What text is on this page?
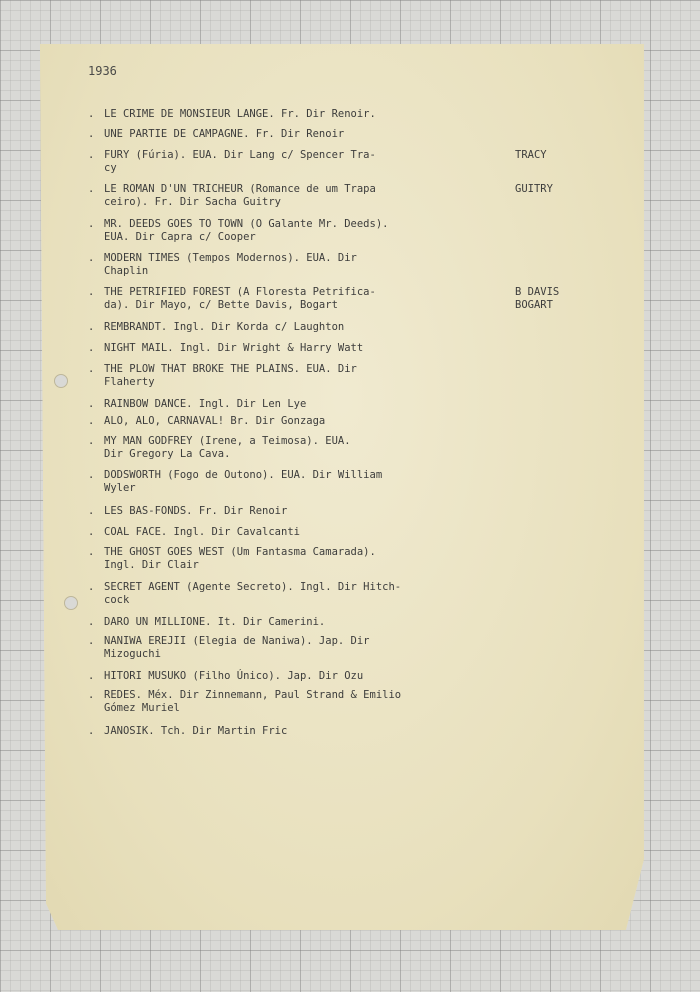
1936
. LE CRIME DE MONSIEUR LANGE. Fr. Dir Renoir.
. UNE PARTIE DE CAMPAGNE. Fr. Dir Renoir
. FURY (Fúria). EUA. Dir Lang c/ Spencer Tra-
cy
. LE ROMAN D'UN TRICHEUR (Romance de um Trapa
ceiro). Fr. Dir Sacha Guitry
. MR. DEEDS GOES TO TOWN (O Galante Mr. Deeds).
EUA. Dir Capra c/ Cooper
. MODERN TIMES (Tempos Modernos). EUA. Dir
Chaplin
. THE PETRIFIED FOREST (A Floresta Petrifica-
da). Dir Mayo, c/ Bette Davis, Bogart
. REMBRANDT. Ingl. Dir Korda c/ Laughton
. NIGHT MAIL. Ingl. Dir Wright & Harry Watt
. THE PLOW THAT BROKE THE PLAINS. EUA. Dir
Flaherty
. RAINBOW DANCE. Ingl. Dir Len Lye
. ALO, ALO, CARNAVAL! Br. Dir Gonzaga
. MY MAN GODFREY (Irene, a Teimosa). EUA.
Dir Gregory La Cava.
. DODSWORTH (Fogo de Outono). EUA. Dir William
Wyler
. LES BAS-FONDS. Fr. Dir Renoir
. COAL FACE. Ingl. Dir Cavalcanti
. THE GHOST GOES WEST (Um Fantasma Camarada).
Ingl. Dir Clair
. SECRET AGENT (Agente Secreto). Ingl. Dir Hitch-
cock
. DARO UN MILLIONE. It. Dir Camerini.
. NANIWA EREJII (Elegia de Naniwa). Jap. Dir
Mizoguchi
. HITORI MUSUKO (Filho Único). Jap. Dir Ozu
. REDES. Méx. Dir Zinnemann, Paul Strand & Emilio
Gómez Muriel
. JANOSIK. Tch. Dir Martin Fric
TRACY
GUITRY
B DAVIS
BOGART
